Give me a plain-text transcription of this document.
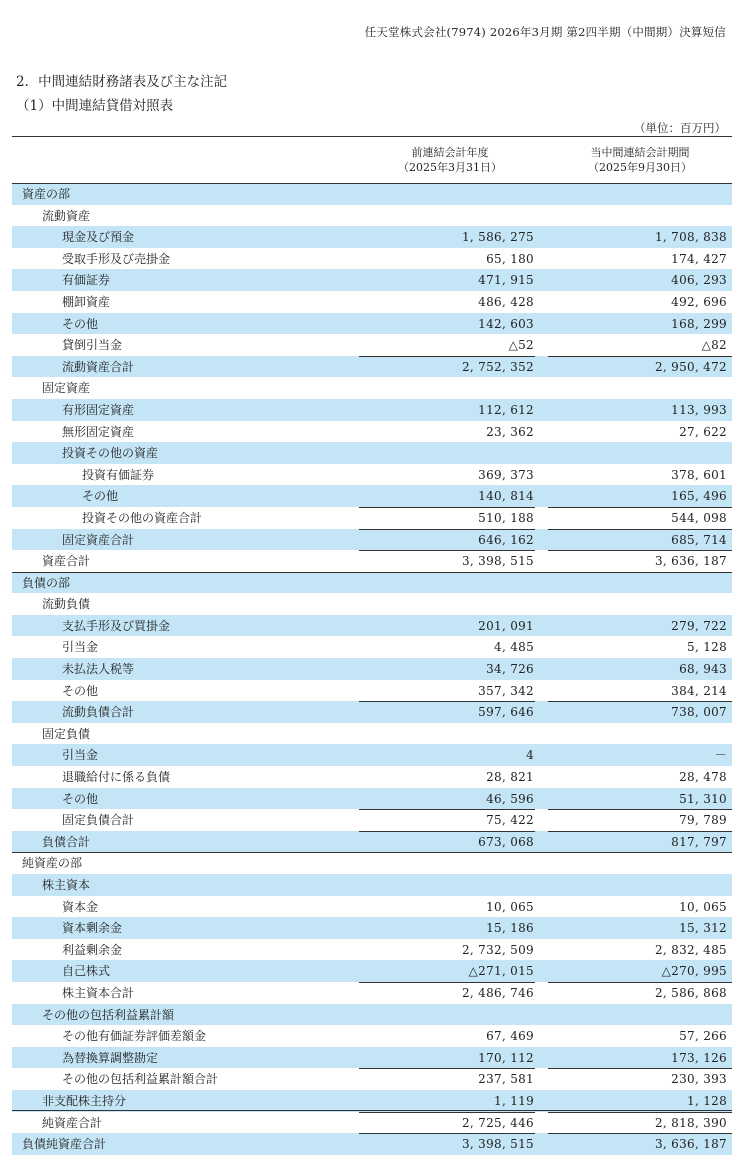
任天堂株式会社(7974) 2026年3月期 第2四半期（中間期）決算短信
2．中間連結財務諸表及び主な注記
（1）中間連結貸借対照表
（単位：百万円）
前連結会計年度
（2025年3月31日）
当中間連結会計期間
（2025年9月30日）
資産の部
流動資産
現金及び預金	1, 586, 275	1, 708, 838
受取手形及び売掛金	65, 180	174, 427
有価証券	471, 915	406, 293
棚卸資産	486, 428	492, 696
その他	142, 603	168, 299
貸倒引当金	△52	△82
流動資産合計	2, 752, 352	2, 950, 472
固定資産
有形固定資産	112, 612	113, 993
無形固定資産	23, 362	27, 622
投資その他の資産
投資有価証券	369, 373	378, 601
その他	140, 814	165, 496
投資その他の資産合計	510, 188	544, 098
固定資産合計	646, 162	685, 714
資産合計	3, 398, 515	3, 636, 187
負債の部
流動負債
支払手形及び買掛金	201, 091	279, 722
引当金	4, 485	5, 128
未払法人税等	34, 726	68, 943
その他	357, 342	384, 214
流動負債合計	597, 646	738, 007
固定負債
引当金	4	－
退職給付に係る負債	28, 821	28, 478
その他	46, 596	51, 310
固定負債合計	75, 422	79, 789
負債合計	673, 068	817, 797
純資産の部
株主資本
資本金	10, 065	10, 065
資本剰余金	15, 186	15, 312
利益剰余金	2, 732, 509	2, 832, 485
自己株式	△271, 015	△270, 995
株主資本合計	2, 486, 746	2, 586, 868
その他の包括利益累計額
その他有価証券評価差額金	67, 469	57, 266
為替換算調整勘定	170, 112	173, 126
その他の包括利益累計額合計	237, 581	230, 393
非支配株主持分	1, 119	1, 128
純資産合計	2, 725, 446	2, 818, 390
負債純資産合計	3, 398, 515	3, 636, 187
